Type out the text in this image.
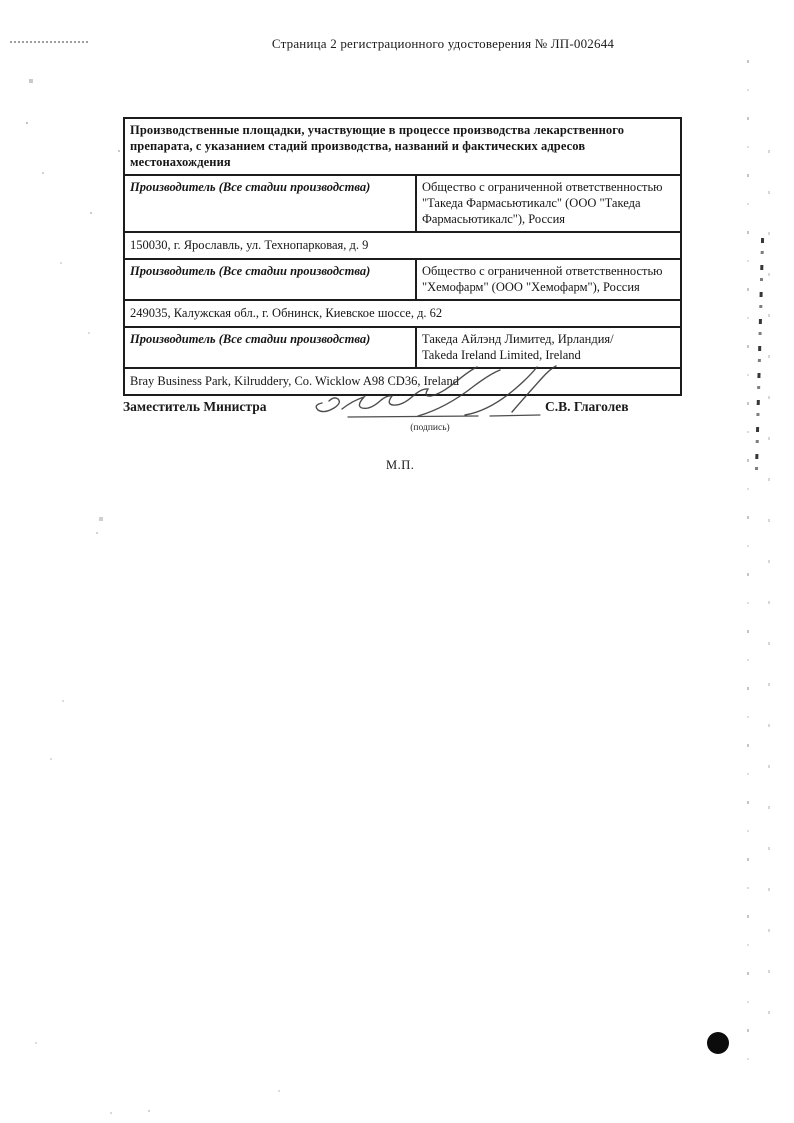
Страница 2 регистрационного удостоверения № ЛП-002644
Производственные площадки, участвующие в процессе производства лекарственного
препарата, с указанием стадий производства, названий и фактических адресов
местонахождения
Производитель (Все стадии производства)	Общество с ограниченной ответственностью
"Такеда Фармасьютикалс" (ООО "Такеда
Фармасьютикалс"), Россия
150030, г. Ярославль, ул. Технопарковая, д. 9
Производитель (Все стадии производства)	Общество с ограниченной ответственностью
"Хемофарм" (ООО "Хемофарм"), Россия
249035, Калужская обл., г. Обнинск, Киевское шоссе, д. 62
Производитель (Все стадии производства)	Такеда Айлэнд Лимитед, Ирландия/
Takeda Ireland Limited, Ireland
Bray Business Park, Kilruddery, Co. Wicklow A98 CD36, Ireland
Заместитель Министра
(подпись)
С.В. Глаголев
М.П.
